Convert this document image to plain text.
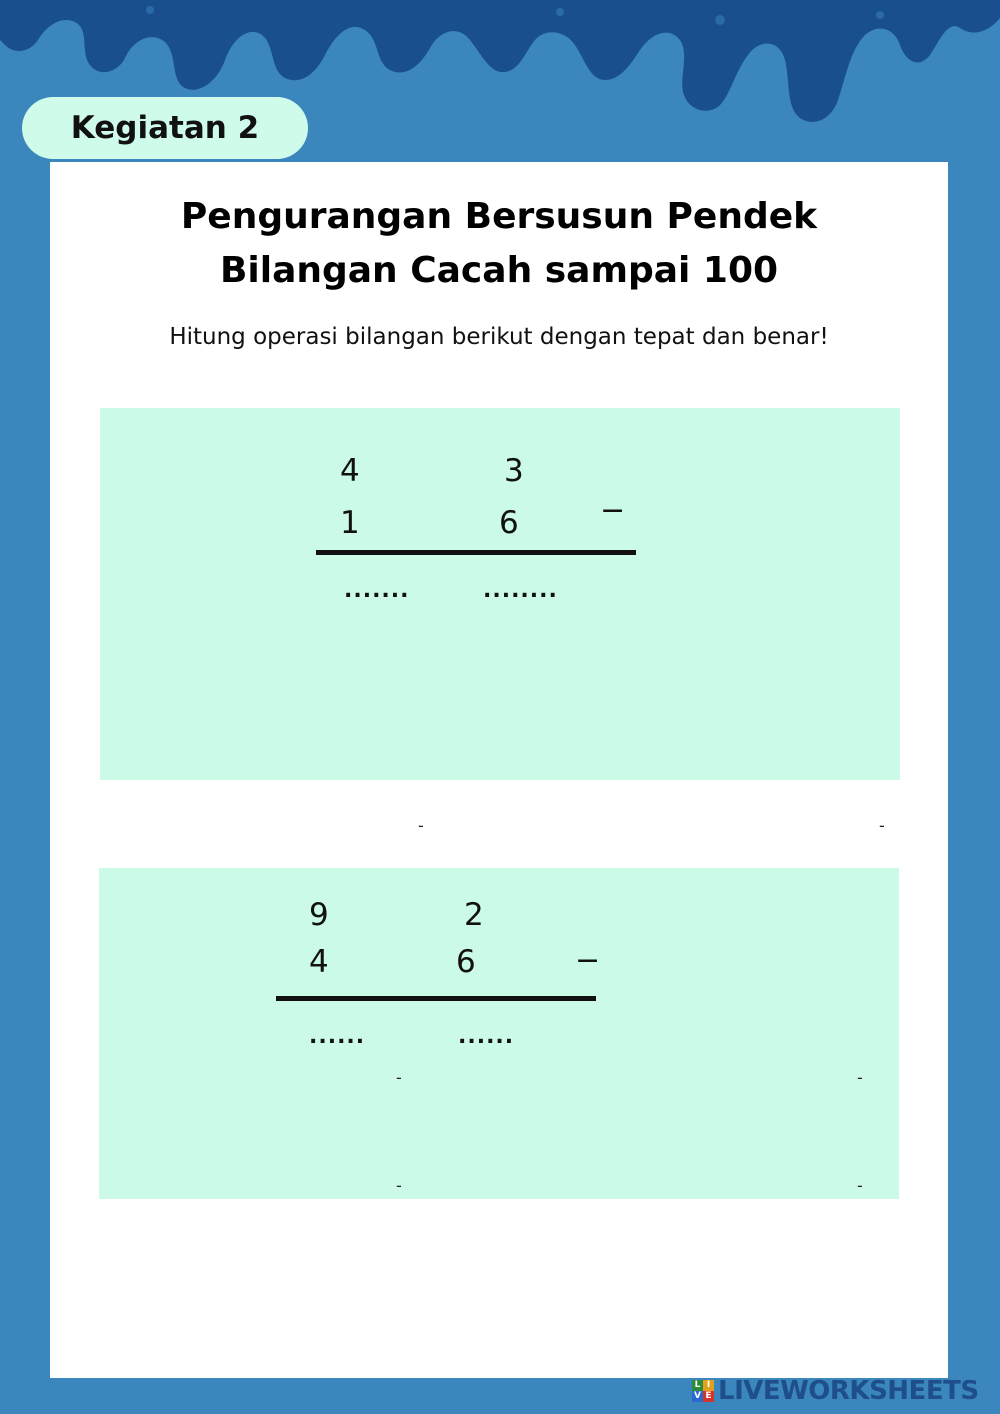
Kegiatan 2
Pengurangan Bersusun Pendek
Bilangan Cacah sampai 100
Hitung operasi bilangan berikut dengan tepat dan benar!
4	3
1	6	−
.......	........
-	-
9	2
4	6	−
......	......
-	-
-	-
L I
V E LIVEWORKSHEETS
